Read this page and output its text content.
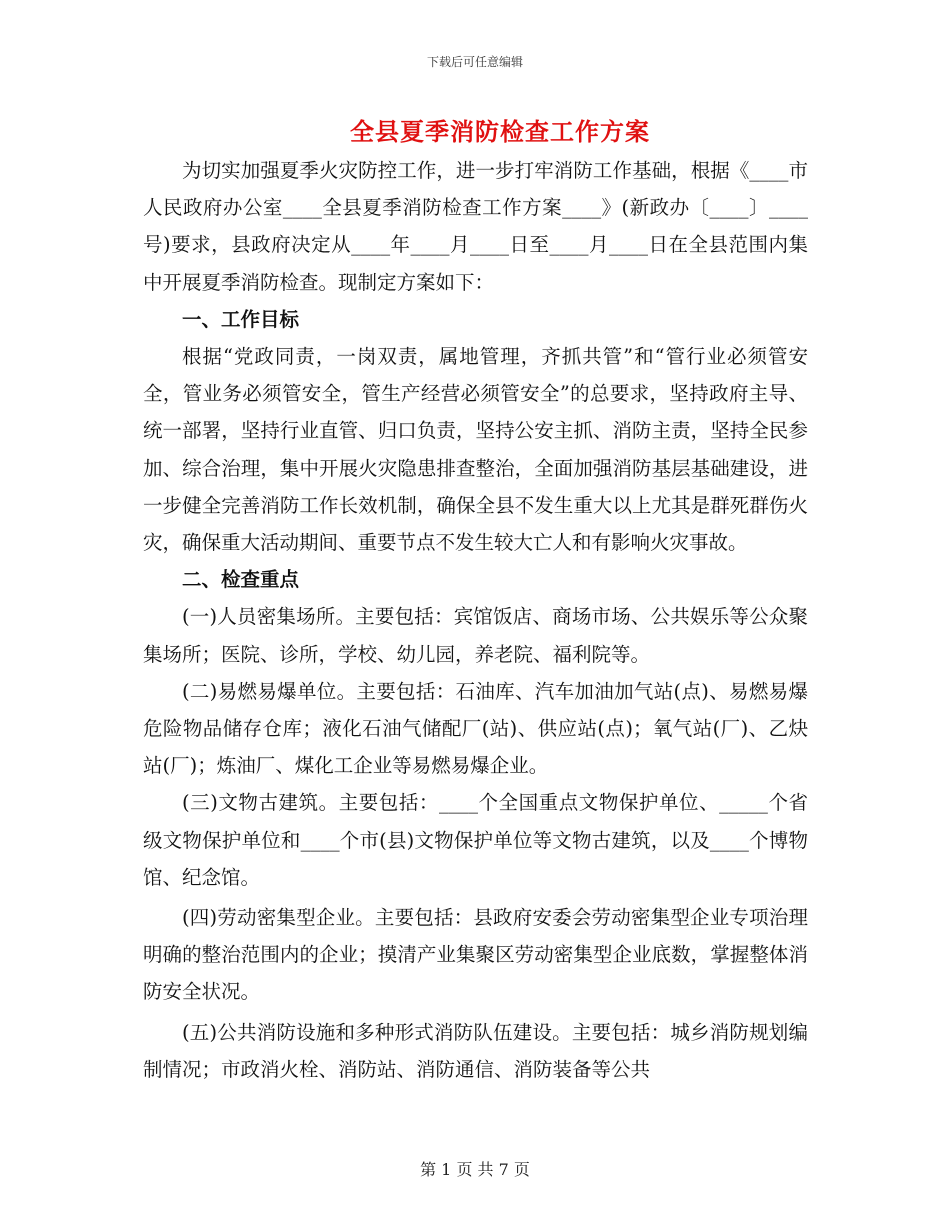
下载后可任意编辑
全县夏季消防检查工作方案

为切实加强夏季火灾防控工作，进一步打牢消防工作基础，根据《____市人民政府办公室____全县夏季消防检查工作方案____》(新政办〔____〕____号)要求，县政府决定从____年____月____日至____月____日在全县范围内集中开展夏季消防检查。现制定方案如下：

一、工作目标

根据“党政同责，一岗双责，属地管理，齐抓共管”和“管行业必须管安全，管业务必须管安全，管生产经营必须管安全”的总要求，坚持政府主导、统一部署，坚持行业直管、归口负责，坚持公安主抓、消防主责，坚持全民参加、综合治理，集中开展火灾隐患排查整治，全面加强消防基层基础建设，进一步健全完善消防工作长效机制，确保全县不发生重大以上尤其是群死群伤火灾，确保重大活动期间、重要节点不发生较大亡人和有影响火灾事故。

二、检查重点

(一)人员密集场所。主要包括：宾馆饭店、商场市场、公共娱乐等公众聚集场所；医院、诊所，学校、幼儿园，养老院、福利院等。

(二)易燃易爆单位。主要包括：石油库、汽车加油加气站(点)、易燃易爆危险物品储存仓库；液化石油气储配厂(站)、供应站(点)；氧气站(厂)、乙炔站(厂)；炼油厂、煤化工企业等易燃易爆企业。

(三)文物古建筑。主要包括：____个全国重点文物保护单位、_____个省级文物保护单位和____个市(县)文物保护单位等文物古建筑，以及____个博物馆、纪念馆。

(四)劳动密集型企业。主要包括：县政府安委会劳动密集型企业专项治理明确的整治范围内的企业；摸清产业集聚区劳动密集型企业底数，掌握整体消防安全状况。

(五)公共消防设施和多种形式消防队伍建设。主要包括：城乡消防规划编制情况；市政消火栓、消防站、消防通信、消防装备等公共

第 1 页 共 7 页
